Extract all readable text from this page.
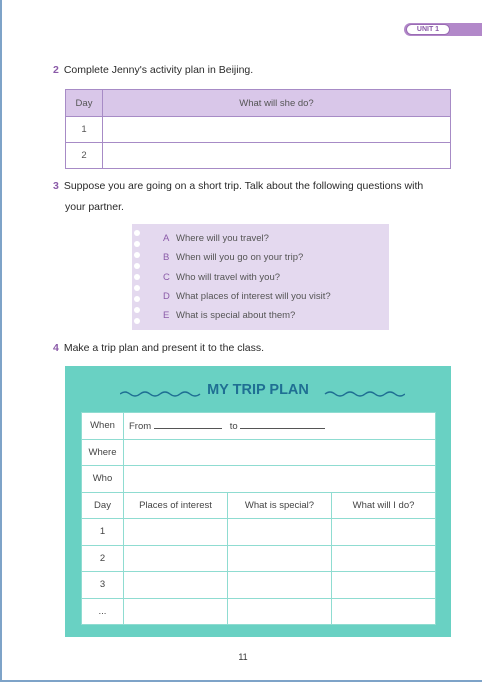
UNIT 1
2 Complete Jenny's activity plan in Beijing.
Day	What will she do?
1	
2	
3 Suppose you are going on a short trip. Talk about the following questions with
your partner.
A Where will you travel?
B When will you go on your trip?
C Who will travel with you?
D What places of interest will you visit?
E What is special about them?
4 Make a trip plan and present it to the class.
MY TRIP PLAN
When	From to		
Where			
Who			
Day	Places of interest	What is special?	What will I do?
1			
2			
3			
...			
11
